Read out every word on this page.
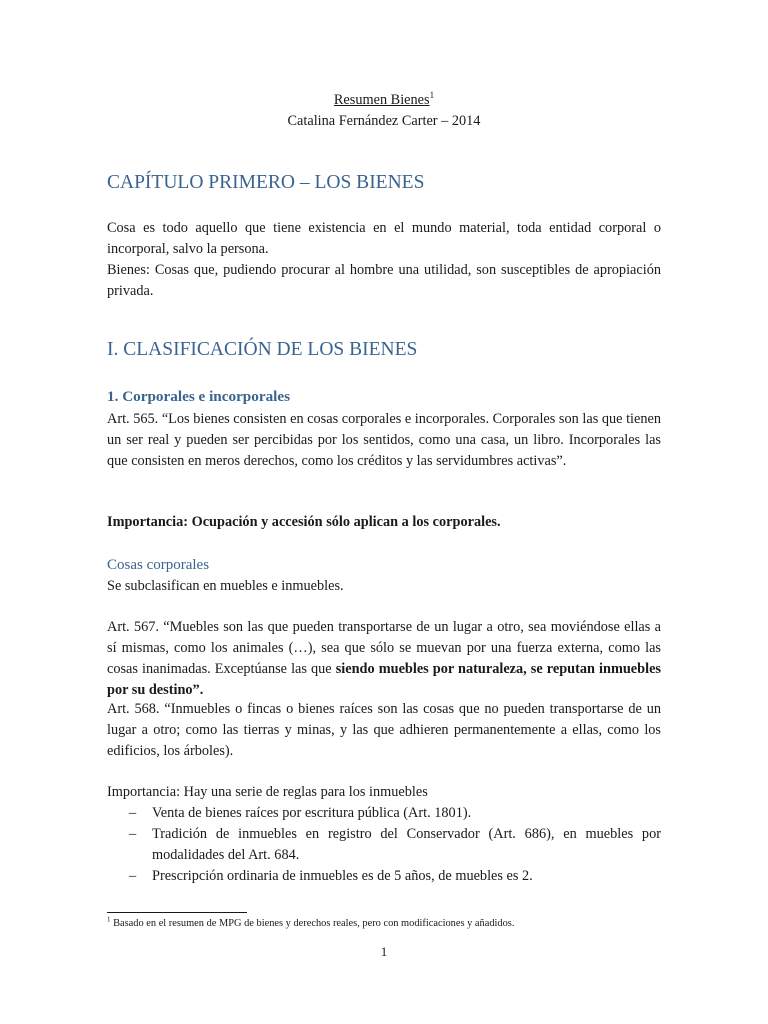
Resumen Bienes$^1$
Catalina Fernández Carter – 2014
CAPÍTULO PRIMERO – LOS BIENES
Cosa es todo aquello que tiene existencia en el mundo material, toda entidad corporal o incorporal, salvo la persona.
Bienes: Cosas que, pudiendo procurar al hombre una utilidad, son susceptibles de apropiación privada.
I. CLASIFICACIÓN DE LOS BIENES
1. Corporales e incorporales
Art. 565. “Los bienes consisten en cosas corporales e incorporales. Corporales son las que tienen un ser real y pueden ser percibidas por los sentidos, como una casa, un libro. Incorporales las que consisten en meros derechos, como los créditos y las servidumbres activas”.
Importancia: Ocupación y accesión sólo aplican a los corporales.
Cosas corporales
Se subclasifican en muebles e inmuebles.
Art. 567. “Muebles son las que pueden transportarse de un lugar a otro, sea moviéndose ellas a sí mismas, como los animales (…), sea que sólo se muevan por una fuerza externa, como las cosas inanimadas. Exceptúanse las que siendo muebles por naturaleza, se reputan inmuebles por su destino”.
Art. 568. “Inmuebles o fincas o bienes raíces son las cosas que no pueden transportarse de un lugar a otro; como las tierras y minas, y las que adhieren permanentemente a ellas, como los edificios, los árboles).
Importancia: Hay una serie de reglas para los inmuebles
– Venta de bienes raíces por escritura pública (Art. 1801).
– Tradición de inmuebles en registro del Conservador (Art. 686), en muebles por modalidades del Art. 684.
– Prescripción ordinaria de inmuebles es de 5 años, de muebles es 2.
$^1$ Basado en el resumen de MPG de bienes y derechos reales, pero con modificaciones y añadidos.
1
